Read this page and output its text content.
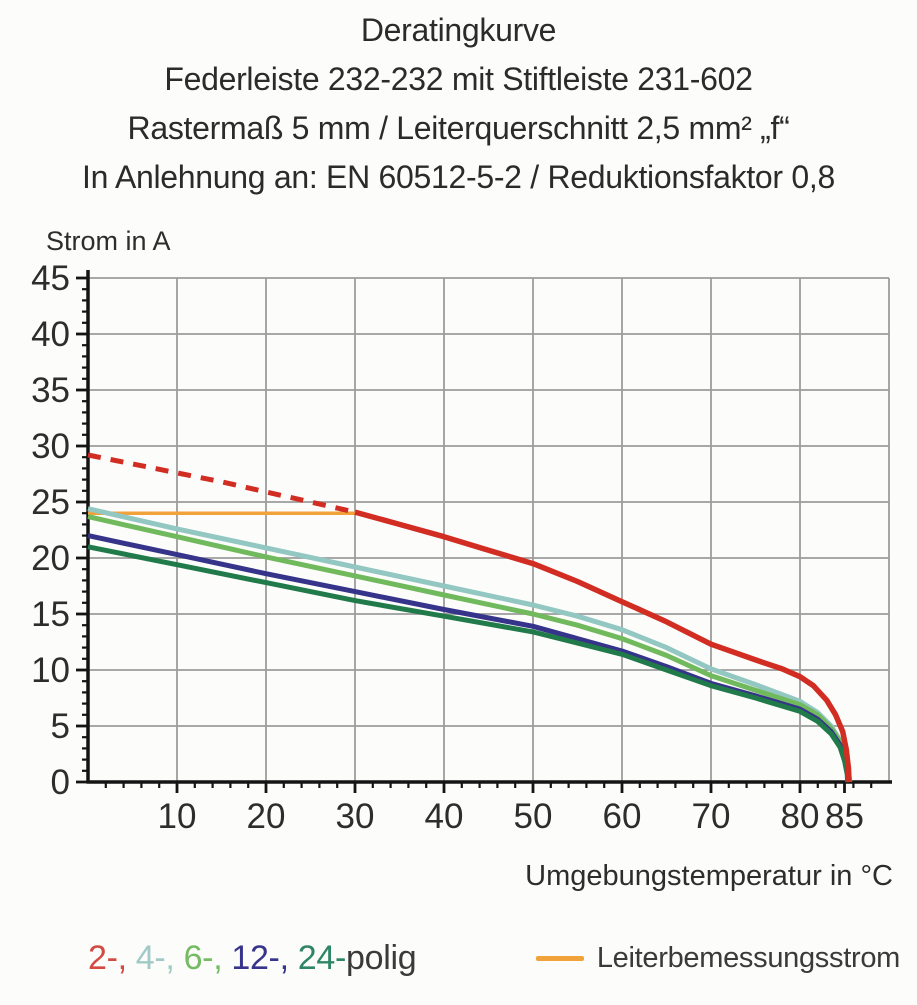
0
5
10
15
20
25
30
35
40
45
10 20 30 40 50 60 70 80 85
Strom in A
Umgebungstemperatur in °C
Deratingkurve
Federleiste 232-232 mit Stiftleiste 231-602
Rastermaß 5 mm / Leiterquerschnitt 2,5 mm² „f“
In Anlehnung an: EN 60512-5-2 / Reduktionsfaktor 0,8
2-, 4-, 6-, 12-, 24-polig	Leiterbemessungsstrom
